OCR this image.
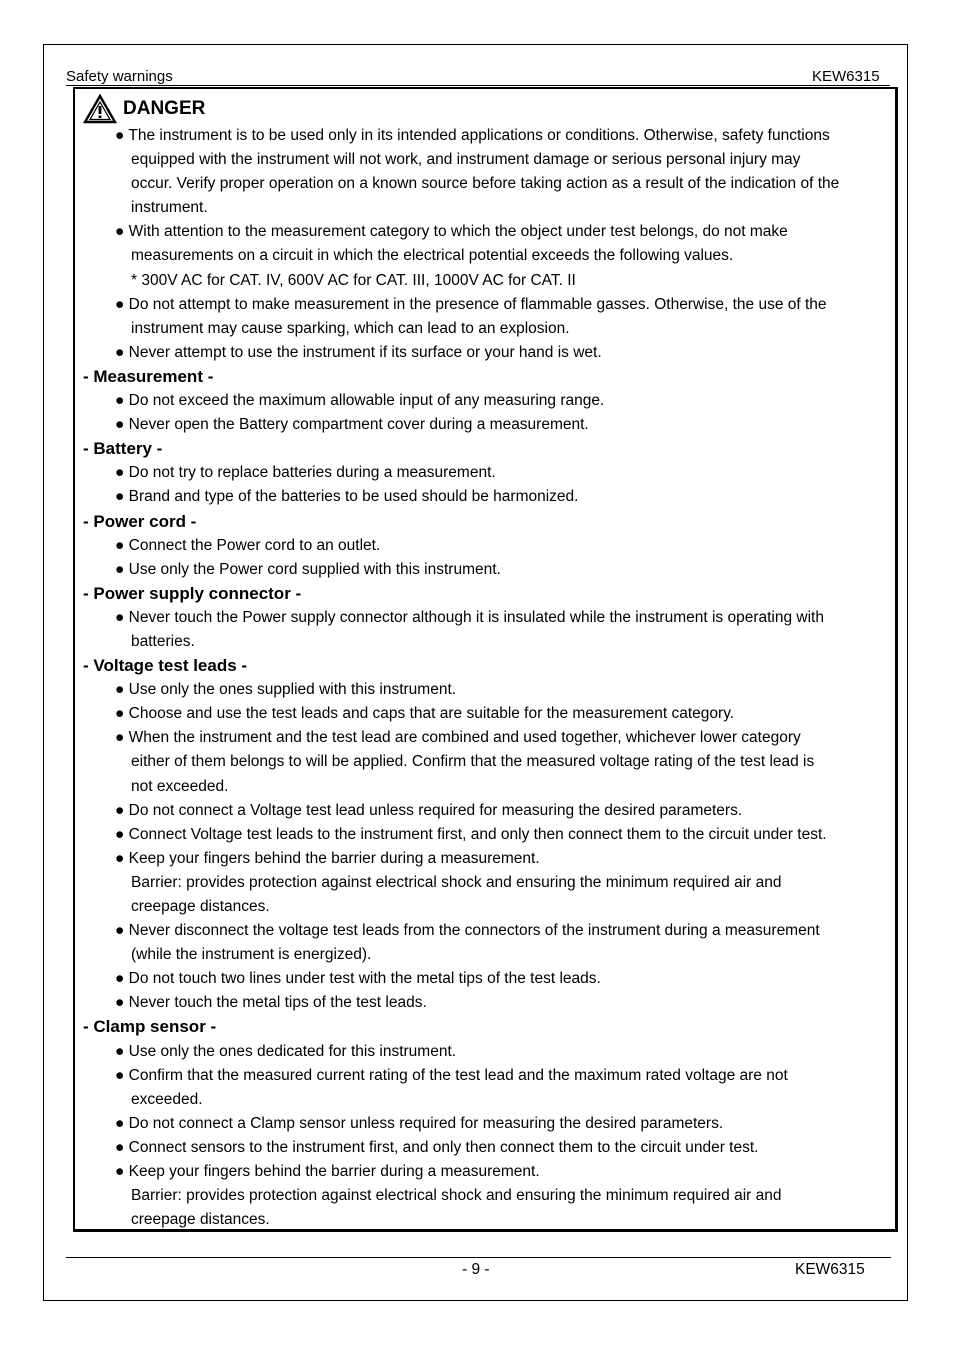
Safety warnings	KEW6315
DANGER
● The instrument is to be used only in its intended applications or conditions. Otherwise, safety functions
equipped with the instrument will not work, and instrument damage or serious personal injury may
occur. Verify proper operation on a known source before taking action as a result of the indication of the
instrument.
● With attention to the measurement category to which the object under test belongs, do not make
measurements on a circuit in which the electrical potential exceeds the following values.
* 300V AC for CAT. IV, 600V AC for CAT. III, 1000V AC for CAT. II
● Do not attempt to make measurement in the presence of flammable gasses. Otherwise, the use of the
instrument may cause sparking, which can lead to an explosion.
● Never attempt to use the instrument if its surface or your hand is wet.
- Measurement -
● Do not exceed the maximum allowable input of any measuring range.
● Never open the Battery compartment cover during a measurement.
- Battery -
● Do not try to replace batteries during a measurement.
● Brand and type of the batteries to be used should be harmonized.
- Power cord -
● Connect the Power cord to an outlet.
● Use only the Power cord supplied with this instrument.
- Power supply connector -
● Never touch the Power supply connector although it is insulated while the instrument is operating with
batteries.
- Voltage test leads -
● Use only the ones supplied with this instrument.
● Choose and use the test leads and caps that are suitable for the measurement category.
● When the instrument and the test lead are combined and used together, whichever lower category
either of them belongs to will be applied. Confirm that the measured voltage rating of the test lead is
not exceeded.
● Do not connect a Voltage test lead unless required for measuring the desired parameters.
● Connect Voltage test leads to the instrument first, and only then connect them to the circuit under test.
● Keep your fingers behind the barrier during a measurement.
Barrier: provides protection against electrical shock and ensuring the minimum required air and
creepage distances.
● Never disconnect the voltage test leads from the connectors of the instrument during a measurement
(while the instrument is energized).
● Do not touch two lines under test with the metal tips of the test leads.
● Never touch the metal tips of the test leads.
- Clamp sensor -
● Use only the ones dedicated for this instrument.
● Confirm that the measured current rating of the test lead and the maximum rated voltage are not
exceeded.
● Do not connect a Clamp sensor unless required for measuring the desired parameters.
● Connect sensors to the instrument first, and only then connect them to the circuit under test.
● Keep your fingers behind the barrier during a measurement.
Barrier: provides protection against electrical shock and ensuring the minimum required air and
creepage distances.
- 9 -	KEW6315
